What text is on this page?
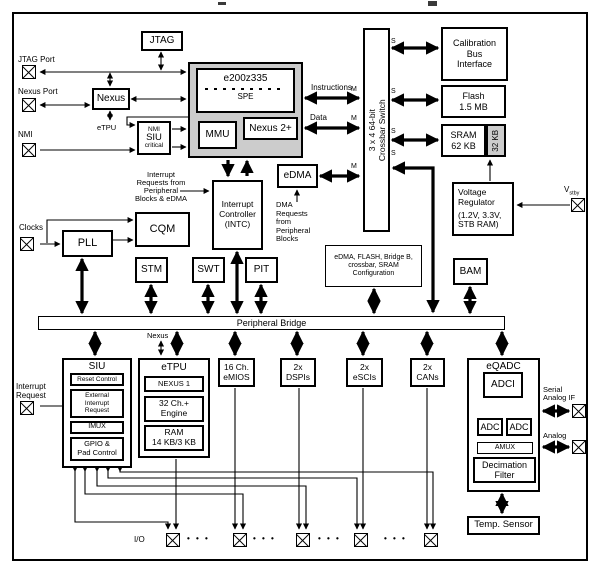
JTAG Port
Nexus Port
NMI
Clocks
Interrupt
Request
$V_{stby}$
Serial
Analog IF
Analog
JTAG
Nexus
eTPU	NMI
SIU
critical
e200z335
SPE
MMU
Nexus 2+	3 x 4 64-bit Crossbar Switch
M
M
M
S
S
S
S
Instructions
Data
Calibration
Bus
Interface
Flash
1.5 MB
SRAM
62 KB 32 KB
Voltage
Regulator
(1.2V, 3.3V,
STB RAM)
eDMA
DMA
Requests
from
Peripheral
Blocks
Interrupt
Controller
(INTC)
Interrupt
Requests from
Peripheral
Blocks & eDMA
CQM
PLL
STM	SWT	PIT
eDMA, FLASH, Bridge B,
crossbar, SRAM
Configuration	BAM
Peripheral Bridge
Nexus
SIU
Reset Control
External
Interrupt
Request
IMUX
GPIO &
Pad Control
eTPU
NEXUS 1
32 Ch.+
Engine
RAM
14 KB/3 KB
16 Ch.
eMIOS
2x
DSPIs
2x
eSCIs
2x
CANs
eQADC
ADCI
ADC	ADC
AMUX
Decimation
Filter
Temp. Sensor
I/O	• • •	• • •	• • •	• • •
